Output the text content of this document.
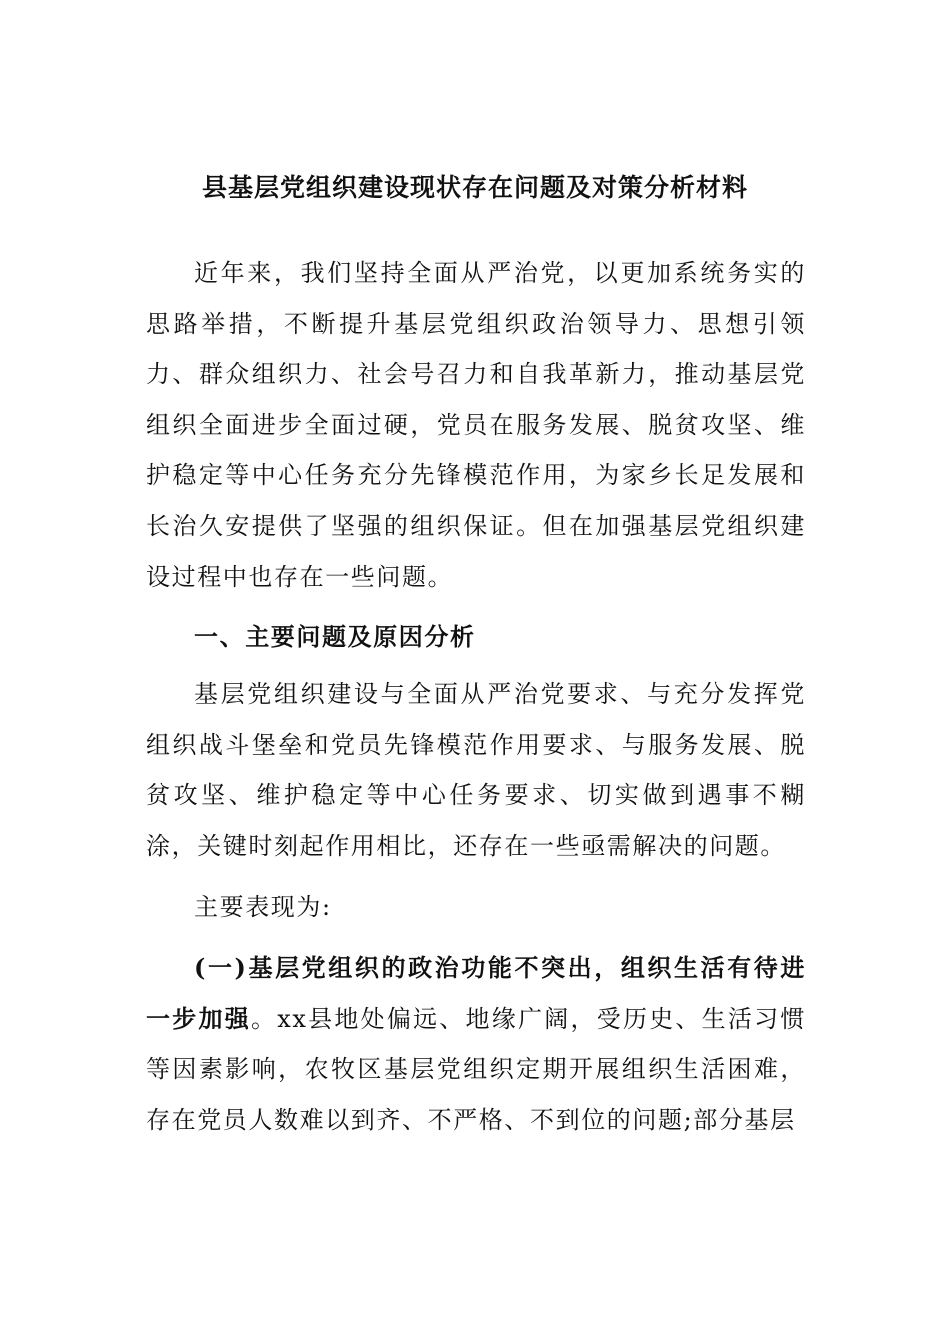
县基层党组织建设现状存在问题及对策分析材料

近年来，我们坚持全面从严治党，以更加系统务实的思路举措，不断提升基层党组织政治领导力、思想引领力、群众组织力、社会号召力和自我革新力，推动基层党组织全面进步全面过硬，党员在服务发展、脱贫攻坚、维护稳定等中心任务充分先锋模范作用，为家乡长足发展和长治久安提供了坚强的组织保证。但在加强基层党组织建设过程中也存在一些问题。

一、主要问题及原因分析

基层党组织建设与全面从严治党要求、与充分发挥党组织战斗堡垒和党员先锋模范作用要求、与服务发展、脱贫攻坚、维护稳定等中心任务要求、切实做到遇事不糊涂，关键时刻起作用相比，还存在一些亟需解决的问题。

主要表现为:

(一)基层党组织的政治功能不突出，组织生活有待进一步加强。xx县地处偏远、地缘广阔，受历史、生活习惯等因素影响，农牧区基层党组织定期开展组织生活困难，存在党员人数难以到齐、不严格、不到位的问题;部分基层
